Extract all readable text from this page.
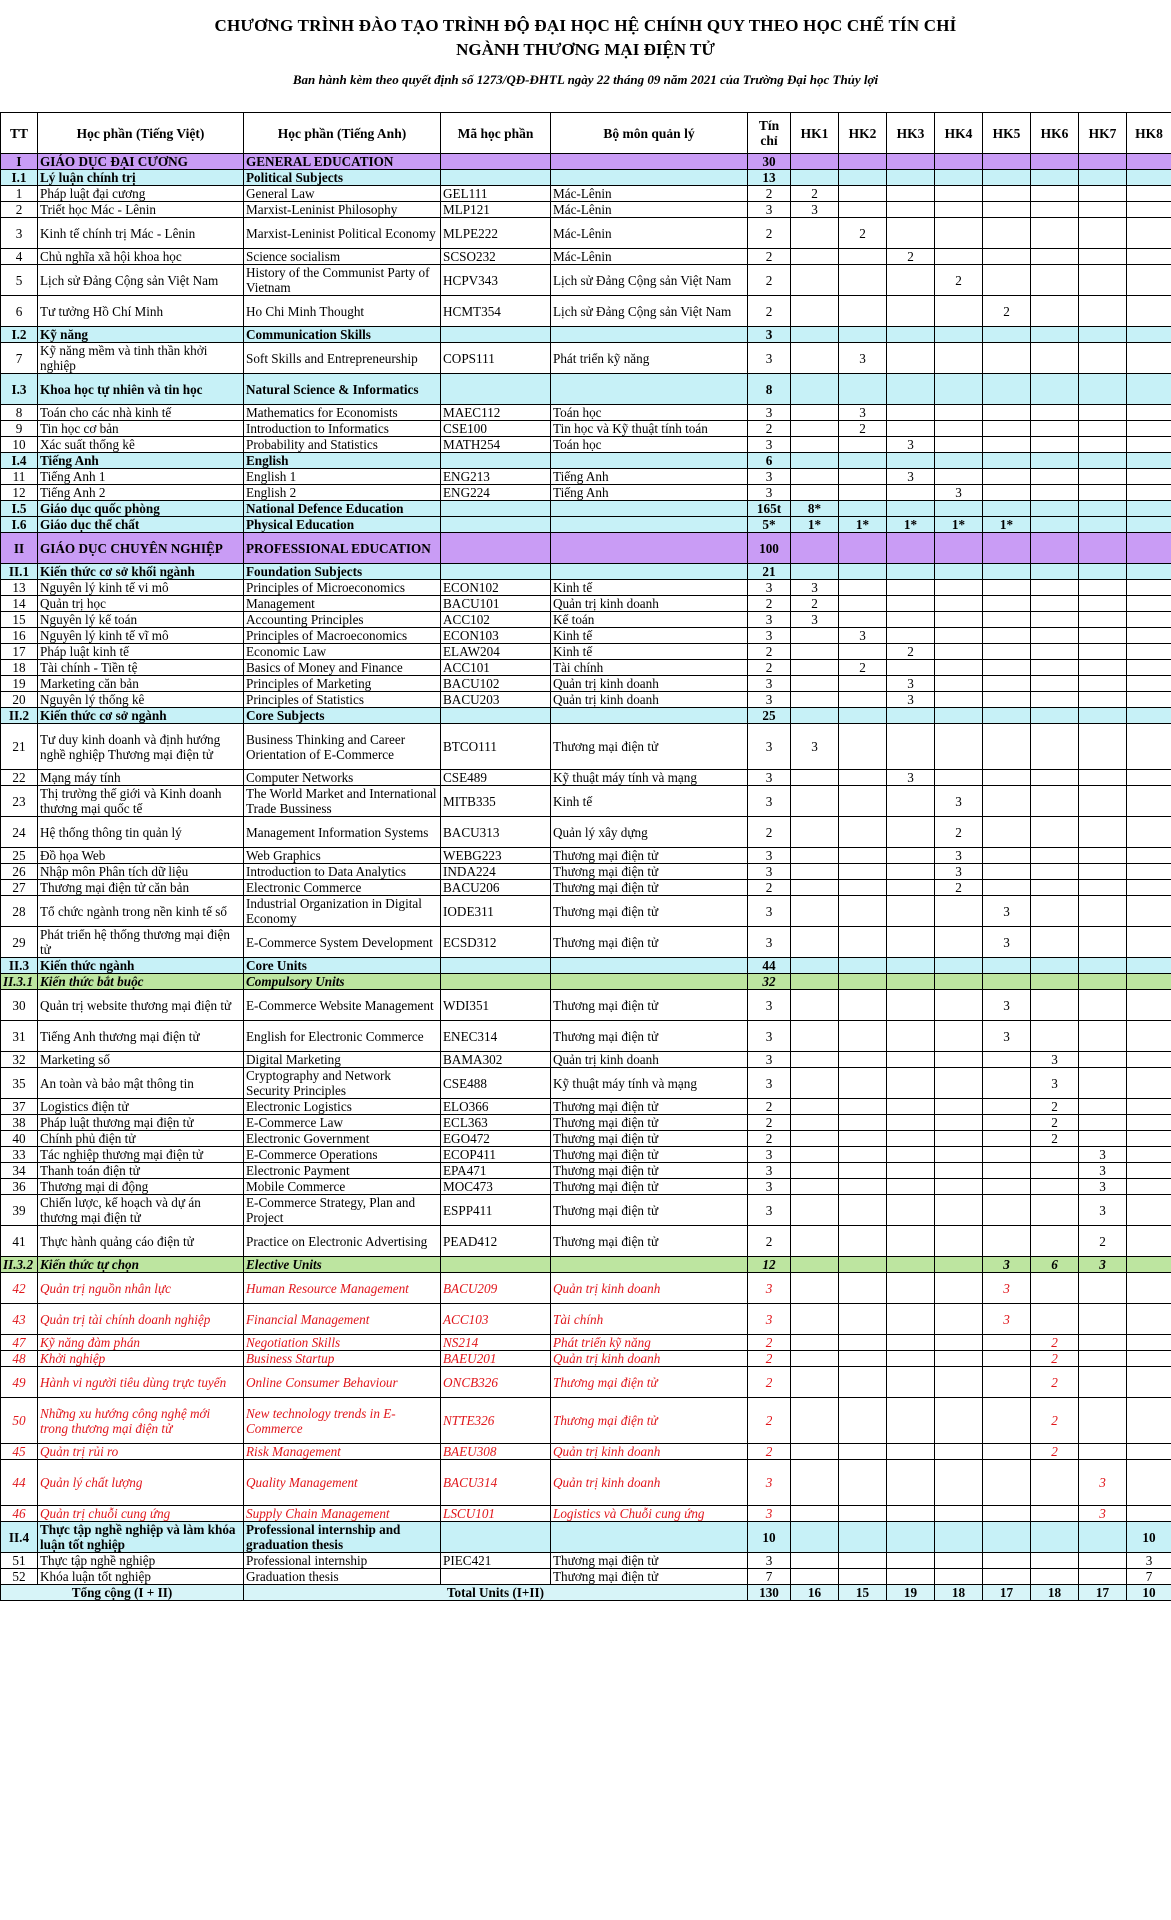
CHƯƠNG TRÌNH ĐÀO TẠO TRÌNH ĐỘ ĐẠI HỌC HỆ CHÍNH QUY THEO HỌC CHẾ TÍN CHỈ
NGÀNH THƯƠNG MẠI ĐIỆN TỬ
Ban hành kèm theo quyết định số 1273/QĐ-ĐHTL ngày 22 tháng 09 năm 2021 của Trường Đại học Thủy lợi
TT	Học phần (Tiếng Việt)	Học phần (Tiếng Anh)	Mã học phần	Bộ môn quản lý	Tín chỉ	HK1	HK2	HK3	HK4	HK5	HK6	HK7	HK8
I	GIÁO DỤC ĐẠI CƯƠNG	GENERAL EDUCATION			30								
I.1	Lý luận chính trị	Political Subjects			13								
1	Pháp luật đại cương	General Law	GEL111	Mác-Lênin	2	2							
2	Triết học Mác - Lênin	Marxist-Leninist Philosophy	MLP121	Mác-Lênin	3	3							
3	Kinh tế chính trị Mác - Lênin	Marxist-Leninist Political Economy	MLPE222	Mác-Lênin	2		2						
4	Chủ nghĩa xã hội khoa học	Science socialism	SCSO232	Mác-Lênin	2			2					
5	Lịch sử Đảng Cộng sản Việt Nam	History of the Communist Party of Vietnam	HCPV343	Lịch sử Đảng Cộng sản Việt Nam	2				2				
6	Tư tưởng Hồ Chí Minh	Ho Chi Minh Thought	HCMT354	Lịch sử Đảng Cộng sản Việt Nam	2					2			
I.2	Kỹ năng	Communication Skills			3								
7	Kỹ năng mềm và tinh thần khởi nghiệp	Soft Skills and Entrepreneurship	COPS111	Phát triển kỹ năng	3		3						
I.3	Khoa học tự nhiên và tin học	Natural Science & Informatics			8								
8	Toán cho các nhà kinh tế	Mathematics for Economists	MAEC112	Toán học	3		3						
9	Tin học cơ bản	Introduction to Informatics	CSE100	Tin học và Kỹ thuật tính toán	2		2						
10	Xác suất thống kê	Probability and Statistics	MATH254	Toán học	3			3					
I.4	Tiếng Anh	English			6								
11	Tiếng Anh 1	English 1	ENG213	Tiếng Anh	3			3					
12	Tiếng Anh 2	English 2	ENG224	Tiếng Anh	3				3				
I.5	Giáo dục quốc phòng	National Defence Education			165t	8*							
I.6	Giáo dục thể chất	Physical Education			5*	1*	1*	1*	1*	1*			
II	GIÁO DỤC CHUYÊN NGHIỆP	PROFESSIONAL EDUCATION			100								
II.1	Kiến thức cơ sở khối ngành	Foundation Subjects			21								
13	Nguyên lý kinh tế vi mô	Principles of Microeconomics	ECON102	Kinh tế	3	3							
14	Quản trị học	Management	BACU101	Quản trị kinh doanh	2	2							
15	Nguyên lý kế toán	Accounting Principles	ACC102	Kế toán	3	3							
16	Nguyên lý kinh tế vĩ mô	Principles of Macroeconomics	ECON103	Kinh tế	3		3						
17	Pháp luật kinh tế	Economic Law	ELAW204	Kinh tế	2			2					
18	Tài chính - Tiền tệ	Basics of Money and Finance	ACC101	Tài chính	2		2						
19	Marketing căn bản	Principles of Marketing	BACU102	Quản trị kinh doanh	3			3					
20	Nguyên lý thống kê	Principles of Statistics	BACU203	Quản trị kinh doanh	3			3					
II.2	Kiến thức cơ sở ngành	Core Subjects			25								
21	Tư duy kinh doanh và định hướng nghề nghiệp Thương mại điện tử	Business Thinking and Career Orientation of E-Commerce	BTCO111	Thương mại điện tử	3	3							
22	Mạng máy tính	Computer Networks	CSE489	Kỹ thuật máy tính và mạng	3			3					
23	Thị trường thế giới và Kinh doanh thương mại quốc tế	The World Market and International Trade Bussiness	MITB335	Kinh tế	3				3				
24	Hệ thống thông tin quản lý	Management Information Systems	BACU313	Quản lý xây dựng	2				2				
25	Đồ họa Web	Web Graphics	WEBG223	Thương mại điện tử	3				3				
26	Nhập môn Phân tích dữ liệu	Introduction to Data Analytics	INDA224	Thương mại điện tử	3				3				
27	Thương mại điện tử căn bản	Electronic Commerce	BACU206	Thương mại điện tử	2				2				
28	Tổ chức ngành trong nền kinh tế số	Industrial Organization in Digital Economy	IODE311	Thương mại điện tử	3					3			
29	Phát triển hệ thống thương mại điện tử	E-Commerce System Development	ECSD312	Thương mại điện tử	3					3			
II.3	Kiến thức ngành	Core Units			44								
II.3.1	Kiến thức bắt buộc	Compulsory Units			32								
30	Quản trị website thương mại điện tử	E-Commerce Website Management	WDI351	Thương mại điện tử	3					3			
31	Tiếng Anh thương mại điện tử	English for Electronic Commerce	ENEC314	Thương mại điện tử	3					3			
32	Marketing số	Digital Marketing	BAMA302	Quản trị kinh doanh	3						3		
35	An toàn và bảo mật thông tin	Cryptography and Network Security Principles	CSE488	Kỹ thuật máy tính và mạng	3						3		
37	Logistics điện tử	Electronic Logistics	ELO366	Thương mại điện tử	2						2		
38	Pháp luật thương mại điện tử	E-Commerce Law	ECL363	Thương mại điện tử	2						2		
40	Chính phủ điện tử	Electronic Government	EGO472	Thương mại điện tử	2						2		
33	Tác nghiệp thương mại điện tử	E-Commerce Operations	ECOP411	Thương mại điện tử	3							3	
34	Thanh toán điện tử	Electronic Payment	EPA471	Thương mại điện tử	3							3	
36	Thương mại di động	Mobile Commerce	MOC473	Thương mại điện tử	3							3	
39	Chiến lược, kế hoạch và dự án thương mại điện tử	E-Commerce Strategy, Plan and Project	ESPP411	Thương mại điện tử	3							3	
41	Thực hành quảng cáo điện tử	Practice on Electronic Advertising	PEAD412	Thương mại điện tử	2							2	
II.3.2	Kiến thức tự chọn	Elective Units			12					3	6	3	
42	Quản trị nguồn nhân lực	Human Resource Management	BACU209	Quản trị kinh doanh	3					3			
43	Quản trị tài chính doanh nghiệp	Financial Management	ACC103	Tài chính	3					3			
47	Kỹ năng đàm phán	Negotiation Skills	NS214	Phát triển kỹ năng	2						2		
48	Khởi nghiệp	Business Startup	BAEU201	Quản trị kinh doanh	2						2		
49	Hành vi người tiêu dùng trực tuyến	Online Consumer Behaviour	ONCB326	Thương mại điện tử	2						2		
50	Những xu hướng công nghệ mới trong thương mại điện tử	New technology trends in E-Commerce	NTTE326	Thương mại điện tử	2						2		
45	Quản trị rủi ro	Risk Management	BAEU308	Quản trị kinh doanh	2						2		
44	Quản lý chất lượng	Quality Management	BACU314	Quản trị kinh doanh	3							3	
46	Quản trị chuỗi cung ứng	Supply Chain Management	LSCU101	Logistics và Chuỗi cung ứng	3							3	
II.4	Thực tập nghề nghiệp và làm khóa luận tốt nghiệp	Professional internship and graduation thesis			10								10
51	Thực tập nghề nghiệp	Professional internship	PIEC421	Thương mại điện tử	3								3
52	Khóa luận tốt nghiệp	Graduation thesis		Thương mại điện tử	7								7
Tổng cộng (I + II)		Total Units (I+II)			130	16	15	19	18	17	18	17	10
